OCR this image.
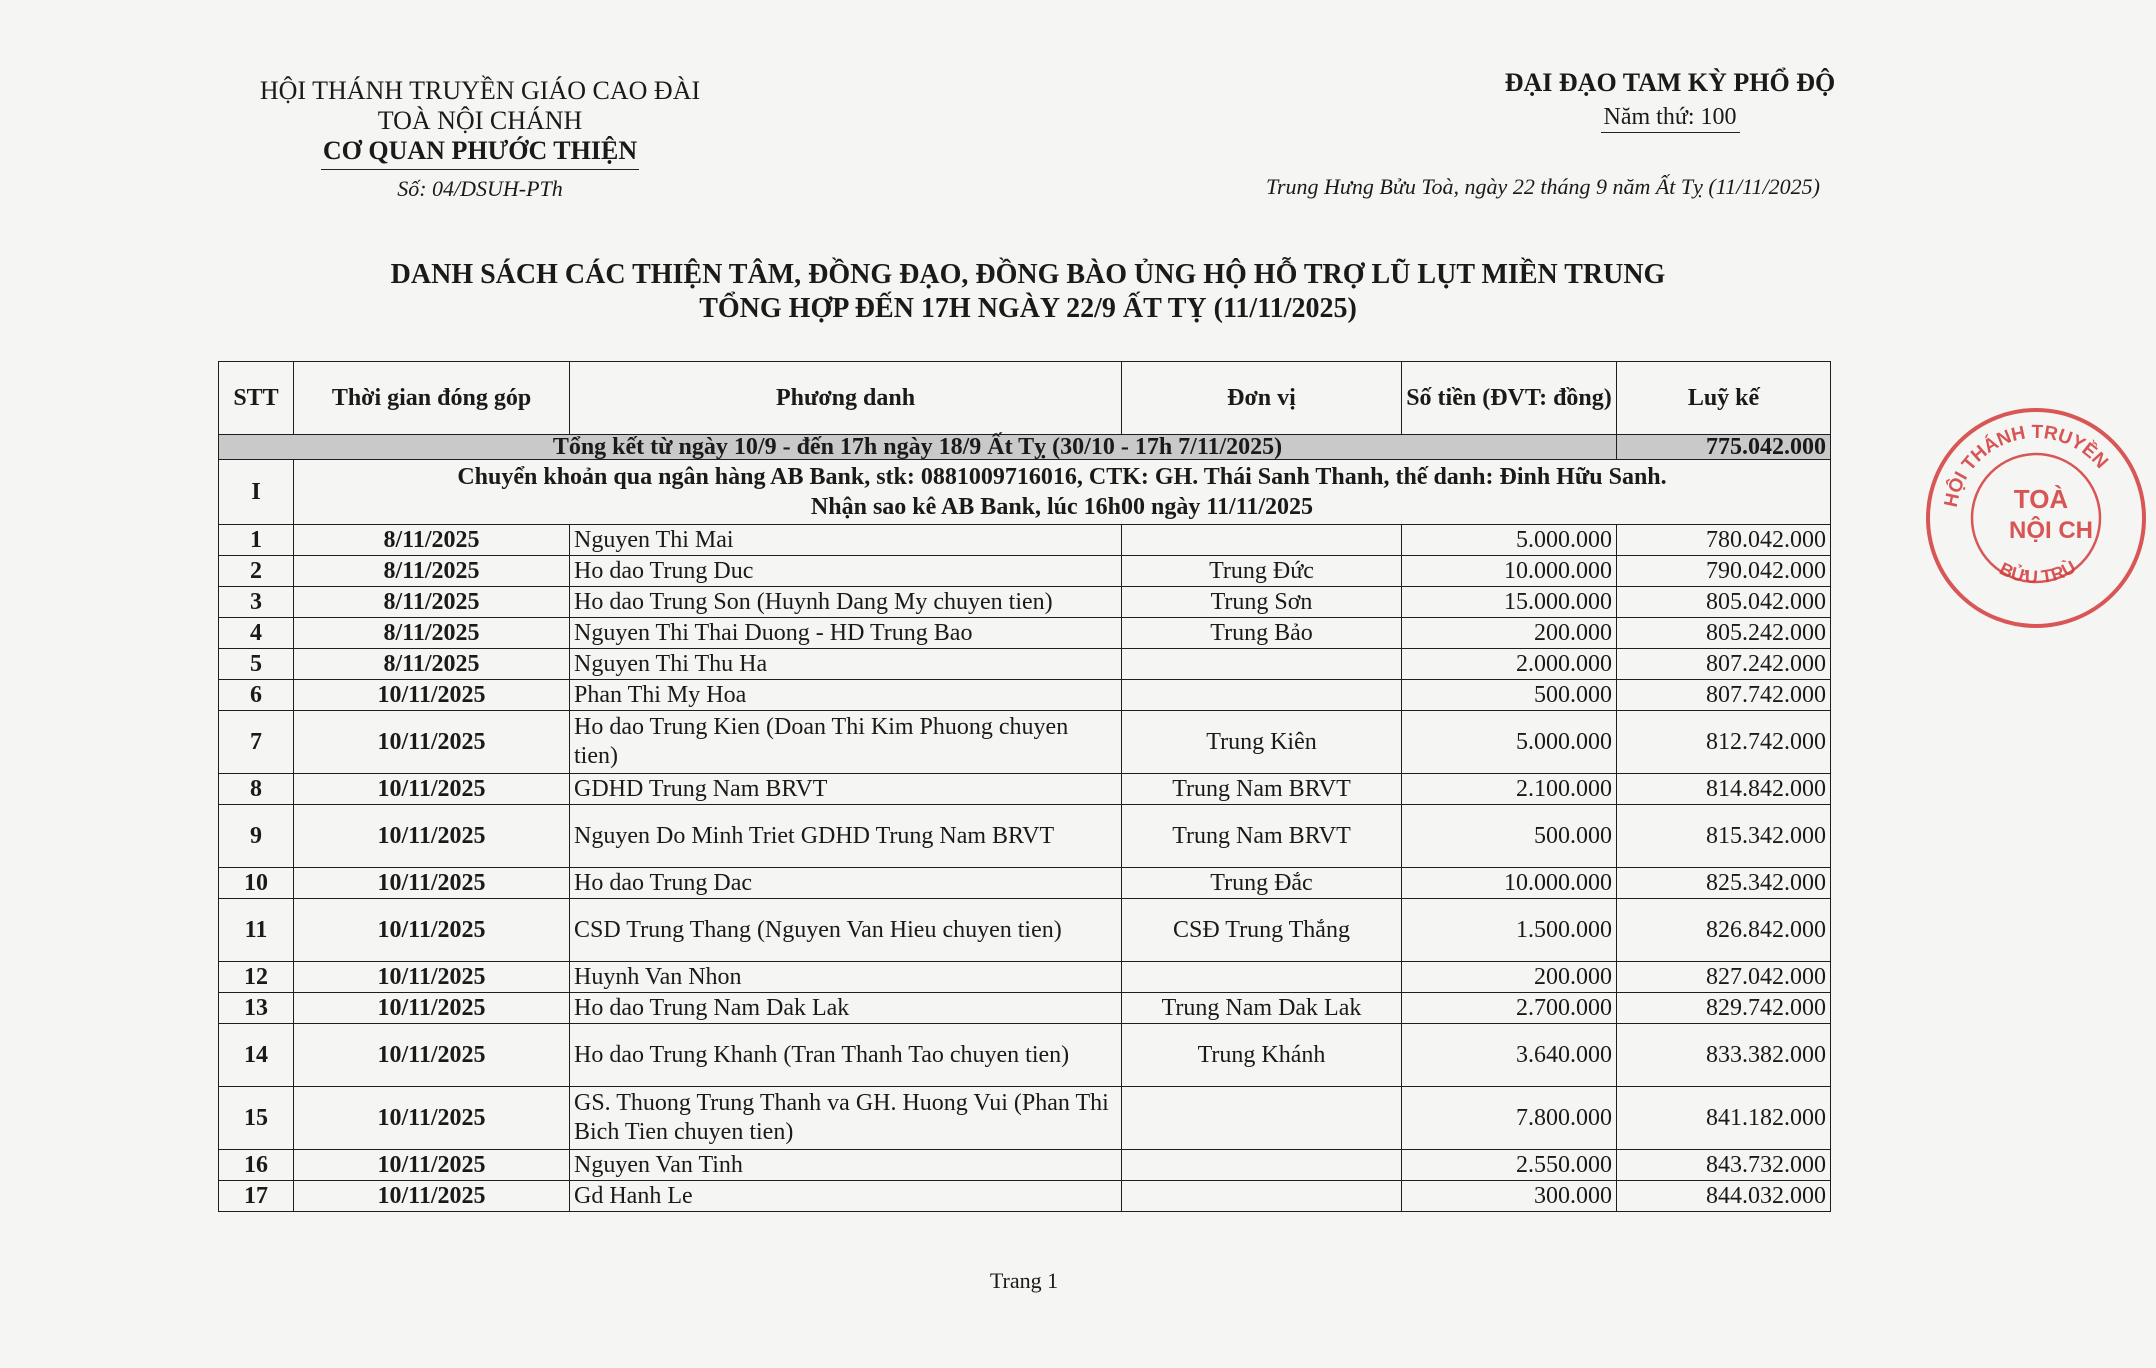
HỘI THÁNH TRUYỀN GIÁO CAO ĐÀI
TOÀ NỘI CHÁNH
CƠ QUAN PHƯỚC THIỆN
Số: 04/DSUH-PTh
ĐẠI ĐẠO TAM KỲ PHỔ ĐỘ
Năm thứ: 100
Trung Hưng Bửu Toà, ngày 22 tháng 9 năm Ất Tỵ (11/11/2025)
DANH SÁCH CÁC THIỆN TÂM, ĐỒNG ĐẠO, ĐỒNG BÀO ỦNG HỘ HỖ TRỢ LŨ LỤT MIỀN TRUNG
TỔNG HỢP ĐẾN 17H NGÀY 22/9 ẤT TỴ (11/11/2025)
STT	Thời gian đóng góp	Phương danh	Đơn vị	Số tiền (ĐVT: đồng)	Luỹ kế
Tổng kết từ ngày 10/9 - đến 17h ngày 18/9 Ất Tỵ (30/10 - 17h 7/11/2025)					775.042.000
I	Chuyển khoản qua ngân hàng AB Bank, stk: 0881009716016, CTK: GH. Thái Sanh Thanh, thế danh: Đinh Hữu Sanh.
Nhận sao kê AB Bank, lúc 16h00 ngày 11/11/2025				

1	8/11/2025	Nguyen Thi Mai		5.000.000	780.042.000
2	8/11/2025	Ho dao Trung Duc	Trung Đức	10.000.000	790.042.000
3	8/11/2025	Ho dao Trung Son (Huynh Dang My chuyen tien)	Trung Sơn	15.000.000	805.042.000
4	8/11/2025	Nguyen Thi Thai Duong - HD Trung Bao	Trung Bảo	200.000	805.242.000
5	8/11/2025	Nguyen Thi Thu Ha		2.000.000	807.242.000
6	10/11/2025	Phan Thi My Hoa		500.000	807.742.000
7	10/11/2025	Ho dao Trung Kien (Doan Thi Kim Phuong chuyen tien)	Trung Kiên	5.000.000	812.742.000
8	10/11/2025	GDHD Trung Nam BRVT	Trung Nam BRVT	2.100.000	814.842.000
9	10/11/2025	Nguyen Do Minh Triet GDHD Trung Nam BRVT	Trung Nam BRVT	500.000	815.342.000
10	10/11/2025	Ho dao Trung Dac	Trung Đắc	10.000.000	825.342.000
11	10/11/2025	CSD Trung Thang (Nguyen Van Hieu chuyen tien)	CSĐ Trung Thắng	1.500.000	826.842.000
12	10/11/2025	Huynh Van Nhon		200.000	827.042.000
13	10/11/2025	Ho dao Trung Nam Dak Lak	Trung Nam Dak Lak	2.700.000	829.742.000
14	10/11/2025	Ho dao Trung Khanh (Tran Thanh Tao chuyen tien)	Trung Khánh	3.640.000	833.382.000
15	10/11/2025	GS. Thuong Trung Thanh va GH. Huong Vui (Phan Thi Bich Tien chuyen tien)		7.800.000	841.182.000
16	10/11/2025	Nguyen Van Tinh		2.550.000	843.732.000
17	10/11/2025	Gd Hanh Le		300.000	844.032.000
HỘI THÁNH TRUYỀN
BỬU TRÙ
TOÀ
NỘI CH
Trang 1
